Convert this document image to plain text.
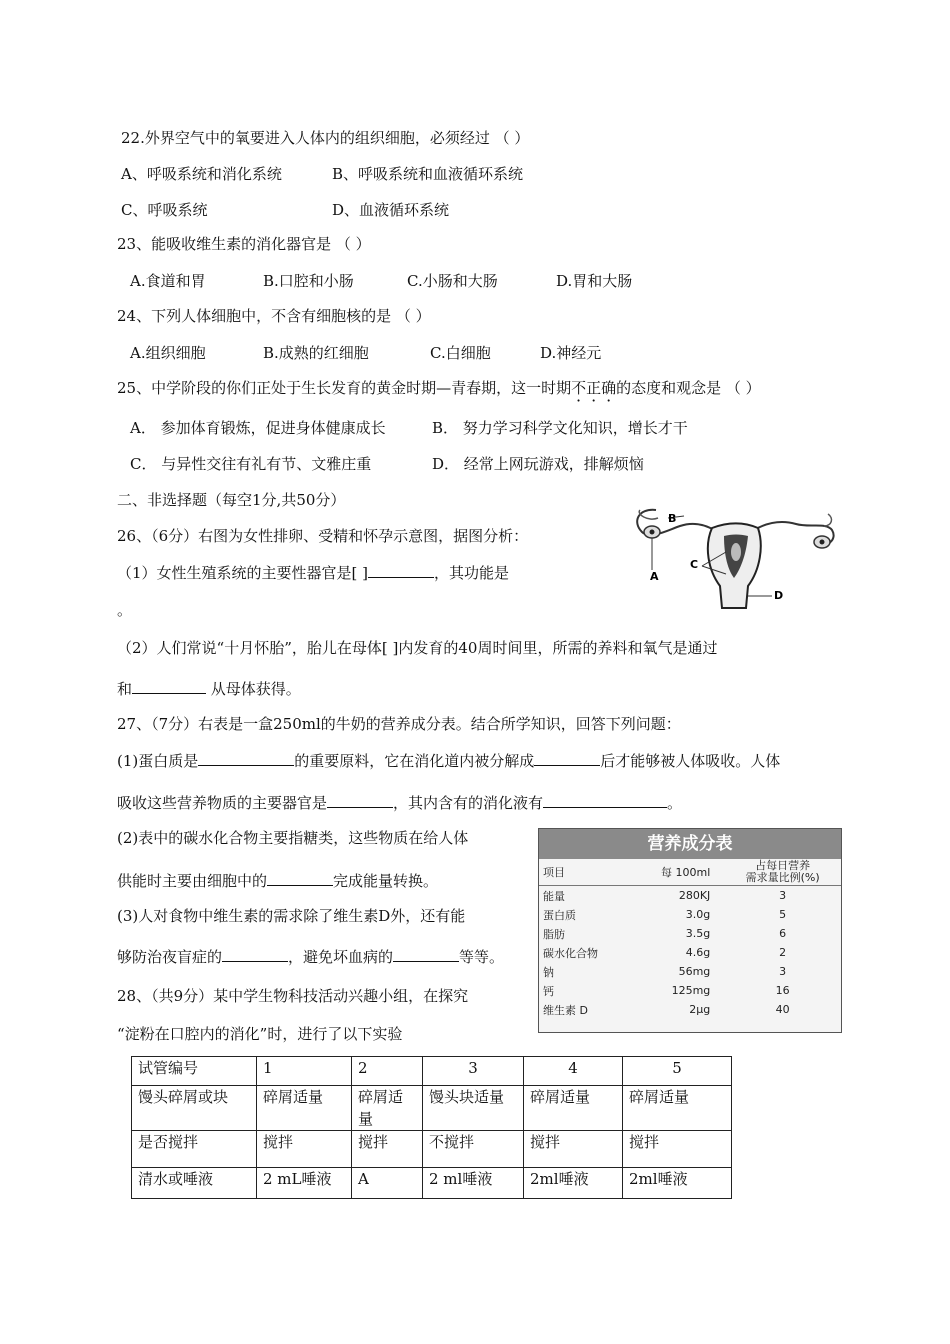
22.外界空气中的氧要进入人体内的组织细胞，必须经过 （ ）
A、呼吸系统和消化系统	B、呼吸系统和血液循环系统
C、呼吸系统	D、血液循环系统
23、能吸收维生素的消化器官是 （ ）
A.食道和胃	B.口腔和小肠	C.小肠和大肠	D.胃和大肠
24、下列人体细胞中，不含有细胞核的是 （ ）
A.组织细胞	B.成熟的红细胞	C.白细胞	D.神经元
25、中学阶段的你们正处于生长发育的黄金时期—青春期，这一时期不正确的态度和观念是 （ ）
A． 参加体育锻炼，促进身体健康成长	B． 努力学习科学文化知识，增长才干
C． 与异性交往有礼有节、文雅庄重	D． 经常上网玩游戏，排解烦恼
二、非选择题（每空1分,共50分）
26、（6分）右图为女性排卵、受精和怀孕示意图，据图分析：
（1）女性生殖系统的主要性器官是[ ]	，其功能是
。
（2）人们常说“十月怀胎”，胎儿在母体[ ]内发育的40周时间里，所需的养料和氧气是通过
和	从母体获得。
B
A
C
D
27、（7分）右表是一盒250ml的牛奶的营养成分表。结合所学知识，回答下列问题：
(1)蛋白质是	的重要原料，它在消化道内被分解成	后才能够被人体吸收。人体
吸收这些营养物质的主要器官是	，其内含有的消化液有	。
(2)表中的碳水化合物主要指糖类，这些物质在给人体
供能时主要由细胞中的	完成能量转换。
(3)人对食物中维生素的需求除了维生素D外，还有能
够防治夜盲症的	，避免坏血病的	等等。
营养成分表
项目	每 100ml	占每日营养
需求量比例(%)

能量	280KJ	3
蛋白质	3.0g	5
脂肪	3.5g	6
碳水化合物	4.6g	2
钠	56mg	3
钙	125mg	16
维生素 D	2μg	40
28、（共9分）某中学生物科技活动兴趣小组，在探究
“淀粉在口腔内的消化”时，进行了以下实验
试管编号	1	2	3	4	5
馒头碎屑或块	碎屑适量	碎屑适量	馒头块适量	碎屑适量	碎屑适量
是否搅拌	搅拌	搅拌	不搅拌	搅拌	搅拌
清水或唾液	2 mL唾液	A	2 ml唾液	2ml唾液	2ml唾液
